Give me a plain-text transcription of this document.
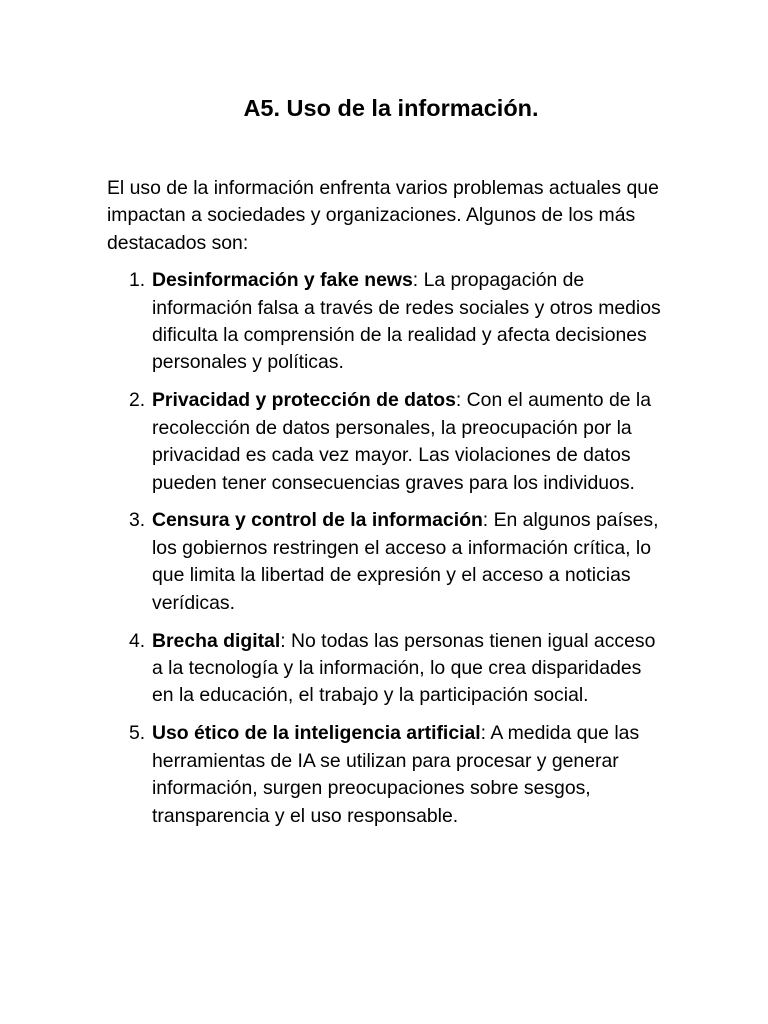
A5. Uso de la información.

El uso de la información enfrenta varios problemas actuales que impactan a sociedades y organizaciones. Algunos de los más destacados son:

1. Desinformación y fake news: La propagación de información falsa a través de redes sociales y otros medios dificulta la comprensión de la realidad y afecta decisiones personales y políticas.
2. Privacidad y protección de datos: Con el aumento de la recolección de datos personales, la preocupación por la privacidad es cada vez mayor. Las violaciones de datos pueden tener consecuencias graves para los individuos.
3. Censura y control de la información: En algunos países, los gobiernos restringen el acceso a información crítica, lo que limita la libertad de expresión y el acceso a noticias verídicas.
4. Brecha digital: No todas las personas tienen igual acceso a la tecnología y la información, lo que crea disparidades en la educación, el trabajo y la participación social.
5. Uso ético de la inteligencia artificial: A medida que las herramientas de IA se utilizan para procesar y generar información, surgen preocupaciones sobre sesgos, transparencia y el uso responsable.
